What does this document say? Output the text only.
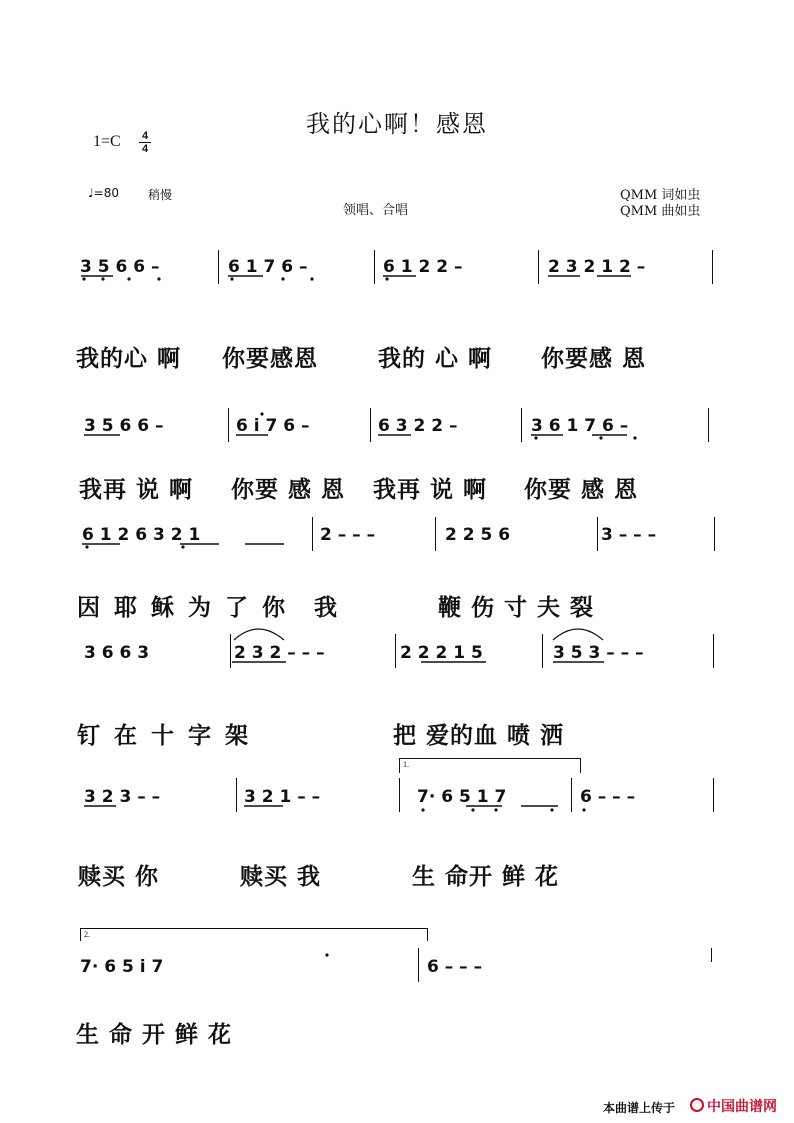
我的心啊！感恩
1=C	4
4
♩=80 稍慢
领唱、合唱
QMM 词如虫
QMM 曲如虫
3 5 6 6 –	6 1 7 6 –	6 1 2 2 –	2 3 2 1 2 –
我的心 啊 你要感恩	我的 心 啊 你要感 恩
3 5 6 6 –	6 i 7 6 –	6 3 2 2 –	3 6 1 7 6 –
我再 说 啊 你要 感 恩 我再 说 啊 你要 感 恩
6 1 2 6 3 2 1	2 – – –	2 2 5 6	3 – – –
因 耶 稣 为 了 你 我	鞭 伤 寸 夫 裂
3 6 6 3	2 3 2 – – –	2 2 2 1 5	3 5 3 – – –
钉 在 十 字 架	把 爱的血 喷 洒
1.
3 2 3 – –	3 2 1 – –	7· 6 5 1 7	6 – – –
赎买 你	赎买 我	生 命开 鲜 花
2.
7· 6 5 i 7	6 – – –
生 命 开 鲜 花
本曲谱上传于	中国曲谱网
